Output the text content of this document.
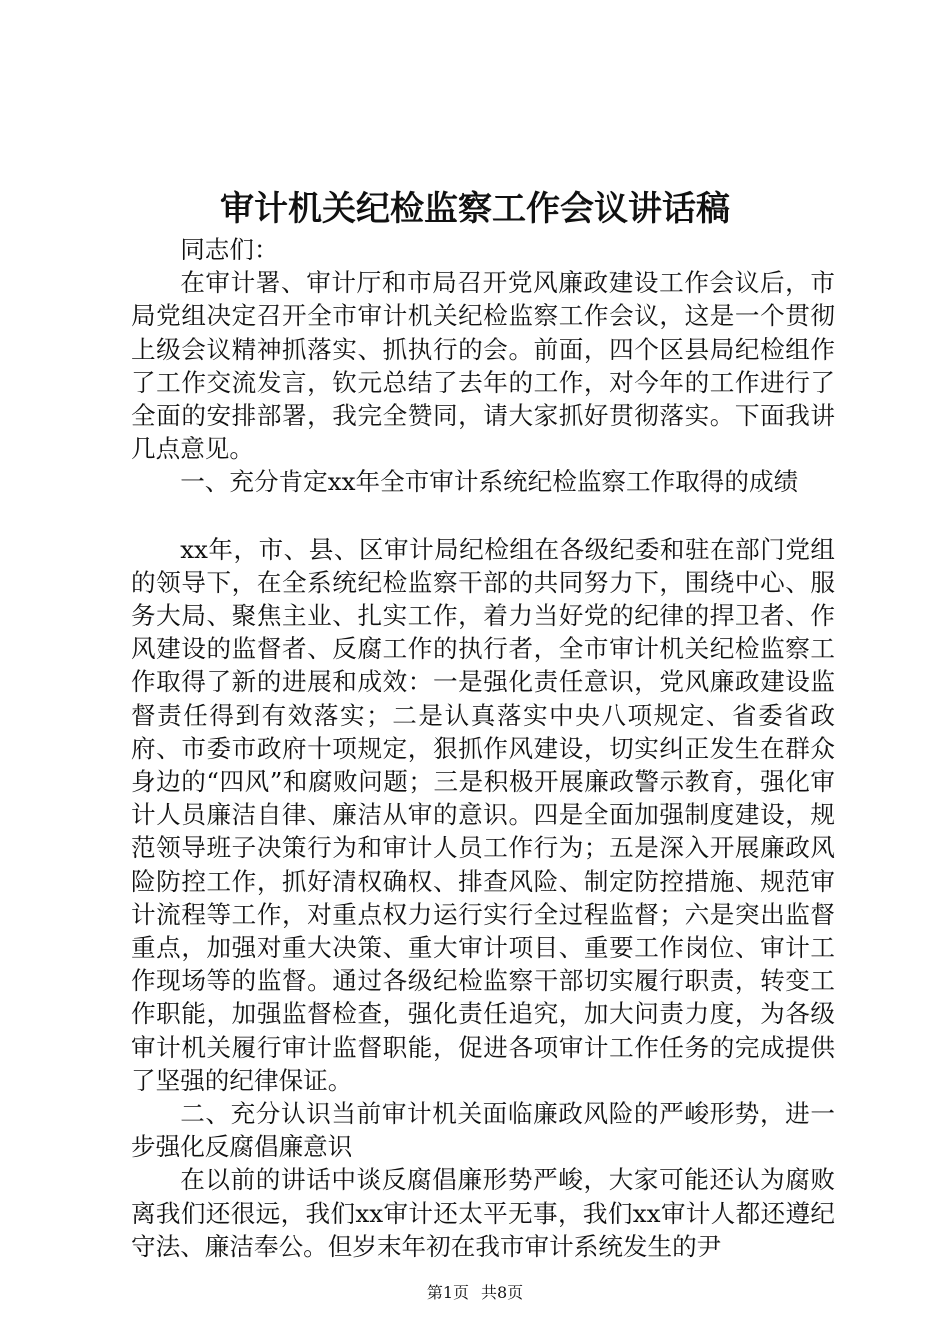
审计机关纪检监察工作会议讲话稿

同志们：

在审计署、审计厅和市局召开党风廉政建设工作会议后，市局党组决定召开全市审计机关纪检监察工作会议，这是一个贯彻上级会议精神抓落实、抓执行的会。前面，四个区县局纪检组作了工作交流发言，钦元总结了去年的工作，对今年的工作进行了全面的安排部署，我完全赞同，请大家抓好贯彻落实。下面我讲几点意见。

一、充分肯定xx年全市审计系统纪检监察工作取得的成绩

xx年，市、县、区审计局纪检组在各级纪委和驻在部门党组的领导下，在全系统纪检监察干部的共同努力下，围绕中心、服务大局、聚焦主业、扎实工作，着力当好党的纪律的捍卫者、作风建设的监督者、反腐工作的执行者，全市审计机关纪检监察工作取得了新的进展和成效：一是强化责任意识，党风廉政建设监督责任得到有效落实；二是认真落实中央八项规定、省委省政府、市委市政府十项规定，狠抓作风建设，切实纠正发生在群众身边的“四风”和腐败问题；三是积极开展廉政警示教育，强化审计人员廉洁自律、廉洁从审的意识。四是全面加强制度建设，规范领导班子决策行为和审计人员工作行为；五是深入开展廉政风险防控工作，抓好清权确权、排查风险、制定防控措施、规范审计流程等工作，对重点权力运行实行全过程监督；六是突出监督重点，加强对重大决策、重大审计项目、重要工作岗位、审计工作现场等的监督。通过各级纪检监察干部切实履行职责，转变工作职能，加强监督检查，强化责任追究，加大问责力度，为各级审计机关履行审计监督职能，促进各项审计工作任务的完成提供了坚强的纪律保证。

二、充分认识当前审计机关面临廉政风险的严峻形势，进一步强化反腐倡廉意识

在以前的讲话中谈反腐倡廉形势严峻，大家可能还认为腐败离我们还很远，我们xx审计还太平无事，我们xx审计人都还遵纪守法、廉洁奉公。但岁末年初在我市审计系统发生的尹

第1页 共8页
